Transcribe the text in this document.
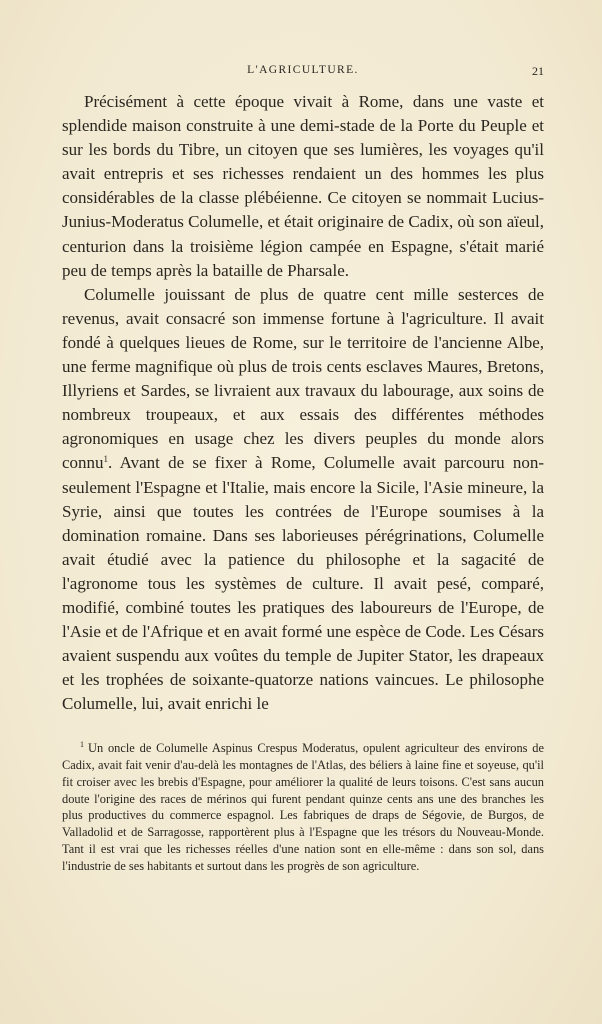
L'AGRICULTURE.	21

Précisément à cette époque vivait à Rome, dans une vaste et splendide maison construite à une demi-stade de la Porte du Peuple et sur les bords du Tibre, un citoyen que ses lumières, les voyages qu'il avait entrepris et ses richesses rendaient un des hommes les plus considérables de la classe plébéienne. Ce citoyen se nommait Lucius-Junius-Moderatus Columelle, et était originaire de Cadix, où son aïeul, centurion dans la troisième légion campée en Espagne, s'était marié peu de temps après la bataille de Pharsale.

Columelle jouissant de plus de quatre cent mille sesterces de revenus, avait consacré son immense fortune à l'agriculture. Il avait fondé à quelques lieues de Rome, sur le territoire de l'ancienne Albe, une ferme magnifique où plus de trois cents esclaves Maures, Bretons, Illyriens et Sardes, se livraient aux travaux du labourage, aux soins de nombreux troupeaux, et aux essais des différentes méthodes agronomiques en usage chez les divers peuples du monde alors connu$^1$. Avant de se fixer à Rome, Columelle avait parcouru non-seulement l'Espagne et l'Italie, mais encore la Sicile, l'Asie mineure, la Syrie, ainsi que toutes les contrées de l'Europe soumises à la domination romaine. Dans ses laborieuses pérégrinations, Columelle avait étudié avec la patience du philosophe et la sagacité de l'agronome tous les systèmes de culture. Il avait pesé, comparé, modifié, combiné toutes les pratiques des laboureurs de l'Europe, de l'Asie et de l'Afrique et en avait formé une espèce de Code. Les Césars avaient suspendu aux voûtes du temple de Jupiter Stator, les drapeaux et les trophées de soixante-quatorze nations vaincues. Le philosophe Columelle, lui, avait enrichi le

$^1$ Un oncle de Columelle Aspinus Crespus Moderatus, opulent agriculteur des environs de Cadix, avait fait venir d'au-delà les montagnes de l'Atlas, des béliers à laine fine et soyeuse, qu'il fit croiser avec les brebis d'Espagne, pour améliorer la qualité de leurs toisons. C'est sans aucun doute l'origine des races de mérinos qui furent pendant quinze cents ans une des branches les plus productives du commerce espagnol. Les fabriques de draps de Ségovie, de Burgos, de Valladolid et de Sarragosse, rapportèrent plus à l'Espagne que les trésors du Nouveau-Monde. Tant il est vrai que les richesses réelles d'une nation sont en elle-même : dans son sol, dans l'industrie de ses habitants et surtout dans les progrès de son agriculture.
